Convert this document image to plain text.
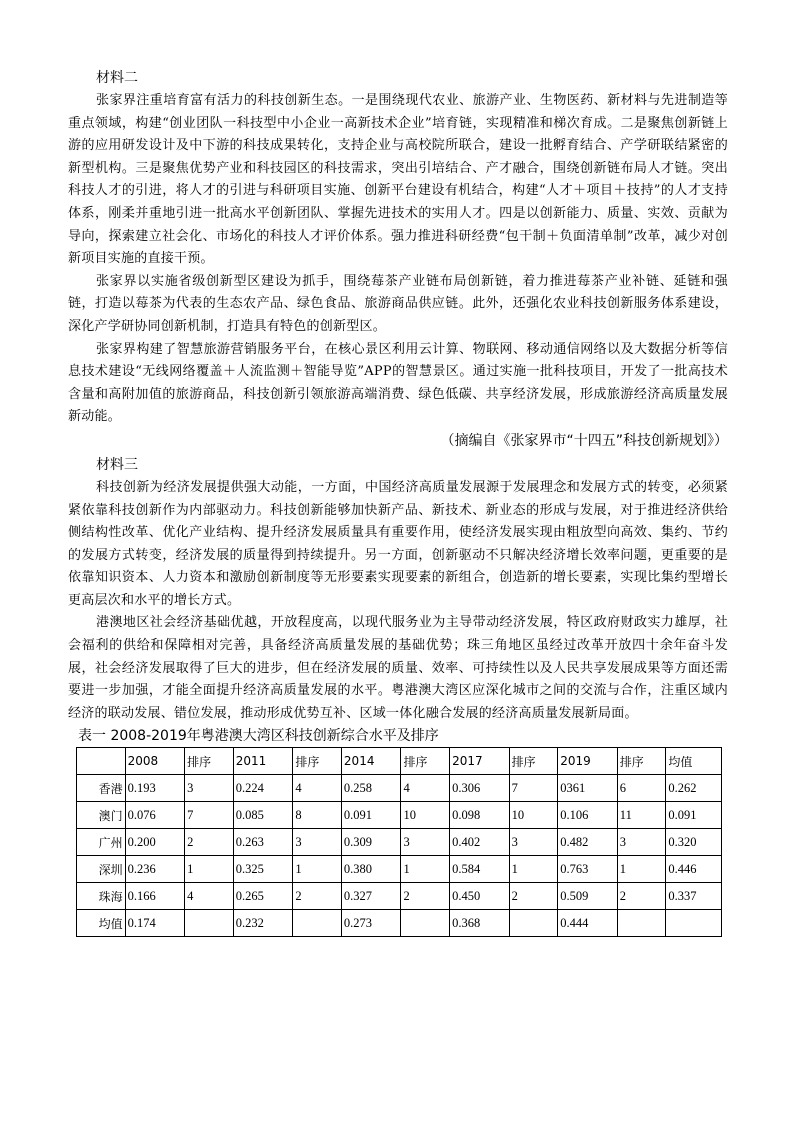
材料二

张家界注重培育富有活力的科技创新生态。一是围绕现代农业、旅游产业、生物医药、新材料与先进制造等重点领域，构建“创业团队一科技型中小企业一高新技术企业”培育链，实现精准和梯次育成。二是聚焦创新链上游的应用研发设计及中下游的科技成果转化，支持企业与高校院所联合，建设一批孵育结合、产学研联结紧密的新型机构。三是聚焦优势产业和科技园区的科技需求，突出引培结合、产才融合，围绕创新链布局人才链。突出科技人才的引进，将人才的引进与科研项目实施、创新平台建设有机结合，构建“人才＋项目＋技持”的人才支持体系，刚柔并重地引进一批高水平创新团队、掌握先进技术的实用人才。四是以创新能力、质量、实效、贡献为导向，探索建立社会化、市场化的科技人才评价体系。强力推进科研经费“包干制＋负面清单制”改革，减少对创新项目实施的直接干预。

张家界以实施省级创新型区建设为抓手，围绕莓茶产业链布局创新链，着力推进莓茶产业补链、延链和强链，打造以莓茶为代表的生态农产品、绿色食品、旅游商品供应链。此外，还强化农业科技创新服务体系建设，深化产学研协同创新机制，打造具有特色的创新型区。

张家界构建了智慧旅游营销服务平台，在核心景区利用云计算、物联网、移动通信网络以及大数据分析等信息技术建设“无线网络覆盖＋人流监测＋智能导览”APP的智慧景区。通过实施一批科技项目，开发了一批高技术含量和高附加值的旅游商品，科技创新引领旅游高端消费、绿色低碳、共享经济发展，形成旅游经济高质量发展新动能。

（摘编自《张家界市“十四五”科技创新规划》）

材料三

科技创新为经济发展提供强大动能，一方面，中国经济高质量发展源于发展理念和发展方式的转变，必须紧紧依靠科技创新作为内部驱动力。科技创新能够加快新产品、新技术、新业态的形成与发展，对于推进经济供给侧结构性改革、优化产业结构、提升经济发展质量具有重要作用，使经济发展实现由粗放型向高效、集约、节约的发展方式转变，经济发展的质量得到持续提升。另一方面，创新驱动不只解决经济增长效率问题，更重要的是依靠知识资本、人力资本和激励创新制度等无形要素实现要素的新组合，创造新的增长要素，实现比集约型增长更高层次和水平的增长方式。

港澳地区社会经济基础优越，开放程度高，以现代服务业为主导带动经济发展，特区政府财政实力雄厚，社会福利的供给和保障相对完善，具备经济高质量发展的基础优势；珠三角地区虽经过改革开放四十余年奋斗发展，社会经济发展取得了巨大的进步，但在经济发展的质量、效率、可持续性以及人民共享发展成果等方面还需要进一步加强，才能全面提升经济高质量发展的水平。粤港澳大湾区应深化城市之间的交流与合作，注重区域内经济的联动发展、错位发展，推动形成优势互补、区域一体化融合发展的经济高质量发展新局面。

表一 2008-2019年粤港澳大湾区科技创新综合水平及排序

	2008	排序	2011	排序	2014	排序	2017	排序	2019	排序	均值
香港	0.193	3	0.224	4	0.258	4	0.306	7	0361	6	0.262
澳门	0.076	7	0.085	8	0.091	10	0.098	10	0.106	11	0.091
广州	0.200	2	0.263	3	0.309	3	0.402	3	0.482	3	0.320
深圳	0.236	1	0.325	1	0.380	1	0.584	1	0.763	1	0.446
珠海	0.166	4	0.265	2	0.327	2	0.450	2	0.509	2	0.337
均值	0.174		0.232		0.273		0.368		0.444		
